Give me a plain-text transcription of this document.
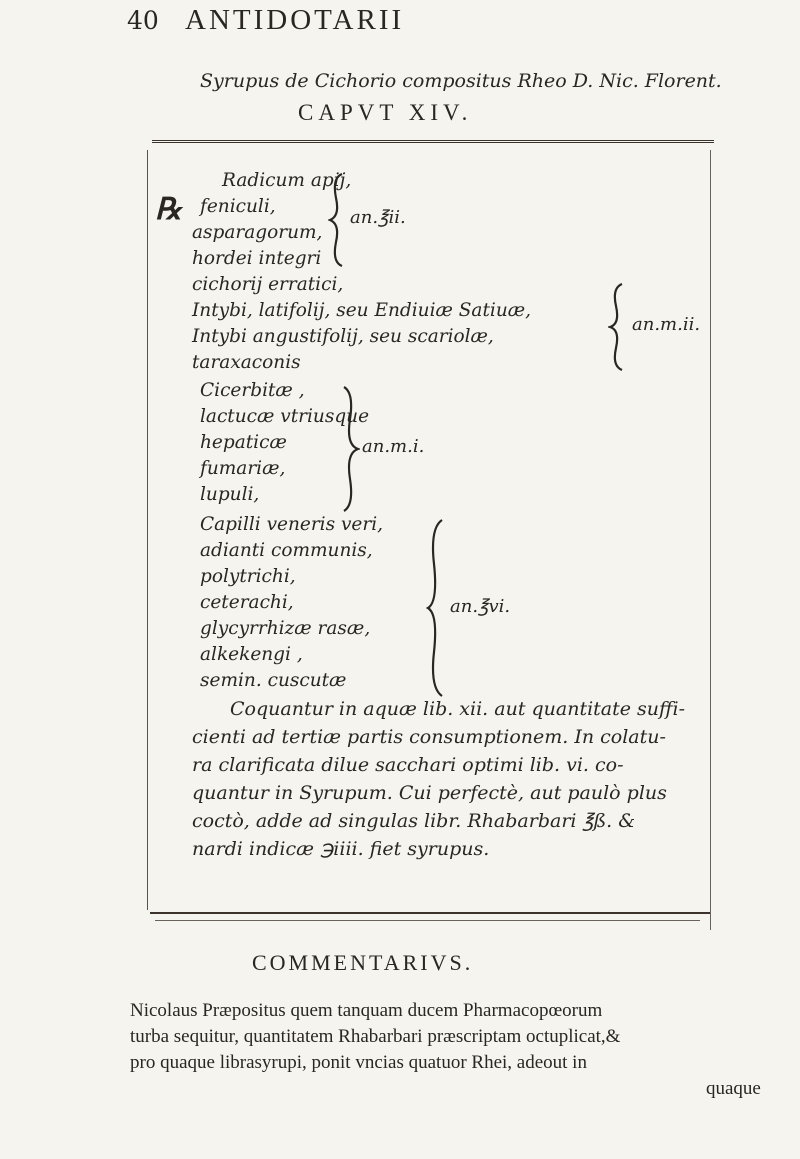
40 ANTIDOTARII
Syrupus de Cichorio compositus Rheo D. Nic. Florent.
CAPVT XIV.
℞
Radicum apij,
feniculi,
asparagorum,
hordei integri
an.℥ii.
cichorij erratici,
Intybi, latifolij, seu Endiuiæ Satiuæ,
Intybi angustifolij, seu scariolæ,
taraxaconis
an.m.ii.
Cicerbitæ ,
lactucæ vtriusque
hepaticæ
fumariæ,
lupuli,
an.m.i.
Capilli veneris veri,
adianti communis,
polytrichi,
ceterachi,
glycyrrhizæ rasæ,
alkekengi ,
semin. cuscutæ
an.℥vi.
Coquantur in aquæ lib. xii. aut quantitate suffi-
cienti ad tertiæ partis consumptionem. In colatu-
ra clarificata dilue sacchari optimi lib. vi. co-
quantur in Syrupum. Cui perfectè, aut paulò plus
coctò, adde ad singulas libr. Rhabarbari ℥ß. &
nardi indicæ ℈iiii. fiet syrupus.
COMMENTARIVS.
Nicolaus Præpositus quem tanquam ducem Pharmacopœorum
turba sequitur, quantitatem Rhabarbari præscriptam octuplicat,&
pro quaque librasyrupi, ponit vncias quatuor Rhei, adeout in
quaque
